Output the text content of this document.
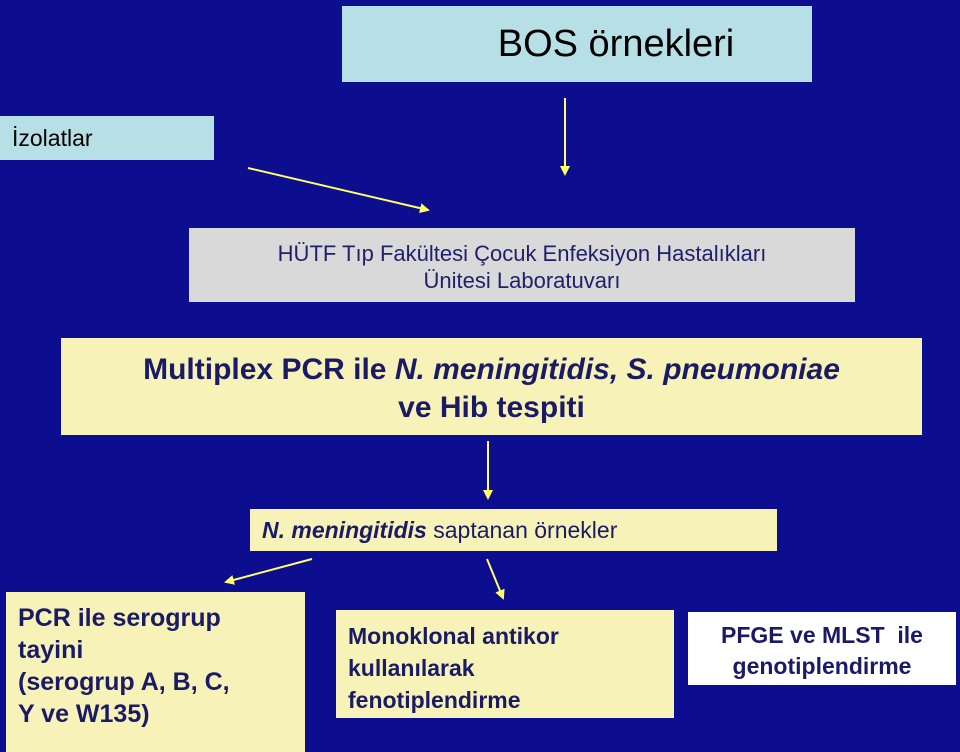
BOS örnekleri
İzolatlar
HÜTF Tıp Fakültesi Çocuk Enfeksiyon Hastalıkları
Ünitesi Laboratuvarı
Multiplex PCR ile N. meningitidis, S. pneumoniae
ve Hib tespiti
N. meningitidis saptanan örnekler
PCR ile serogrup
tayini
(serogrup A, B, C,
Y ve W135)
Monoklonal antikor
kullanılarak
fenotiplendirme
PFGE ve MLST  ile
genotiplendirme
